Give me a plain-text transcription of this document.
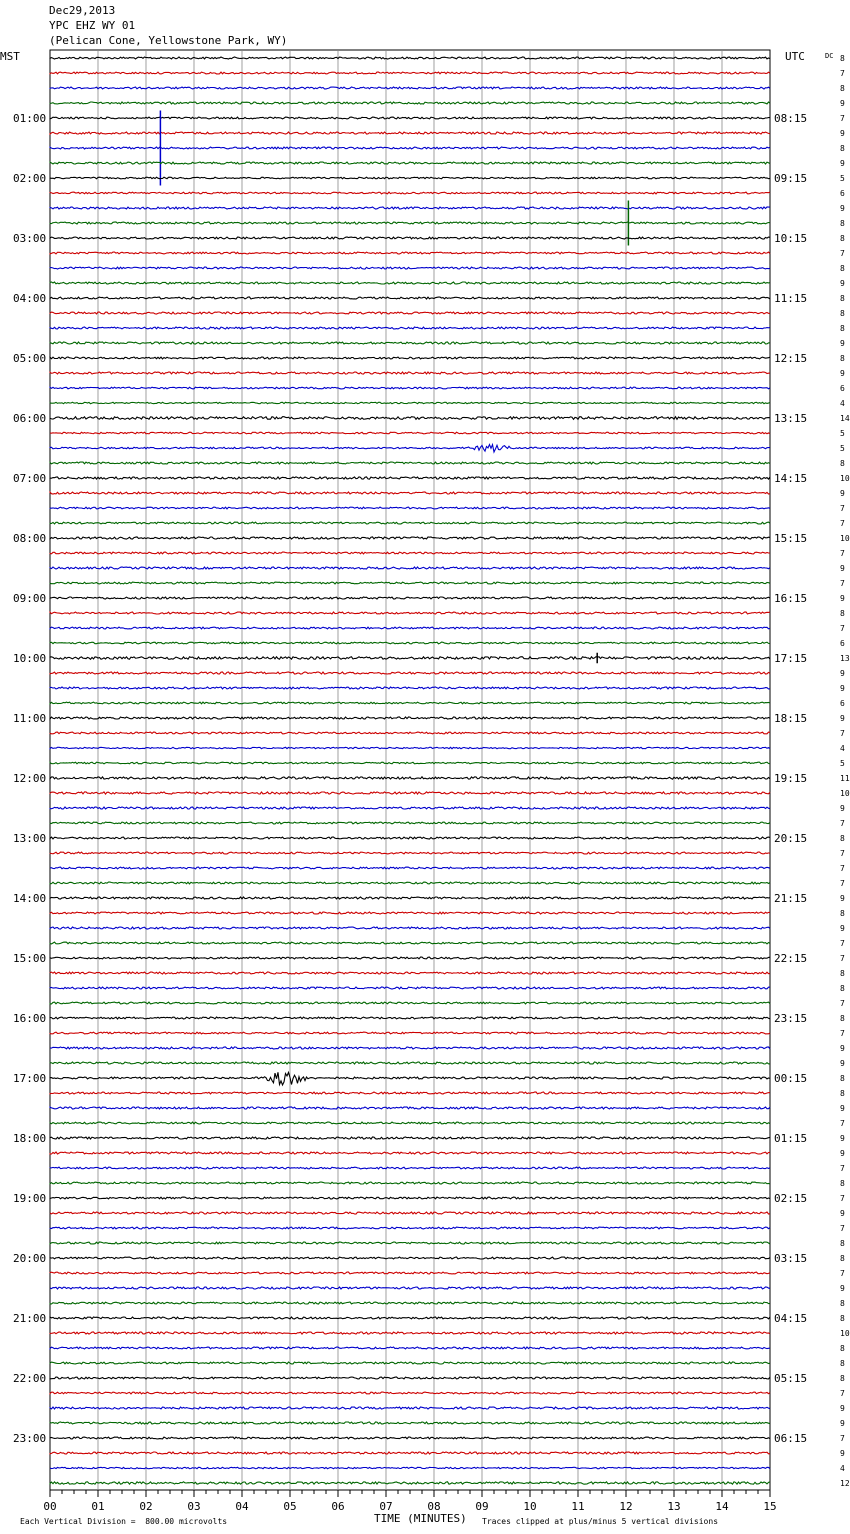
Dec29,2013
YPC EHZ WY 01
(Pelican Cone, Yellowstone Park, WY)
MST	UTC	DC 8
7
8
9
7
9
8
9
5
6
9
8
8
7
8
9
8
8
8
9
8
9
6
4
14
5
5
8
10
9
7
7
10
7
9
7
9
8
7
6
13
9
9
6
9
7
4
5
11
10
9
7
8
7
7
7
9
8
9
7
7
8
8
7
8
7
9
9
8
8
9
7
9
9
7
8
7
9
7
8
8
7
9
8
8
10
8
8
8
7
9
9
7
9
4
12
01:00
02:00
03:00
04:00
05:00
06:00
07:00
08:00
09:00
10:00
11:00
12:00
13:00
14:00
15:00
16:00
17:00
18:00
19:00
20:00
21:00
22:00
23:00
08:15
09:15
10:15
11:15
12:15
13:15
14:15
15:15
16:15
17:15
18:15
19:15
20:15
21:15
22:15
23:15
00:15
01:15
02:15
03:15
04:15
05:15
06:15
00	01	02	03	04	05	06	07	08	09	10	11	12	13	14	15
TIME (MINUTES)
Each Vertical Division =  800.00 microvolts	Traces clipped at plus/minus 5 vertical divisions
